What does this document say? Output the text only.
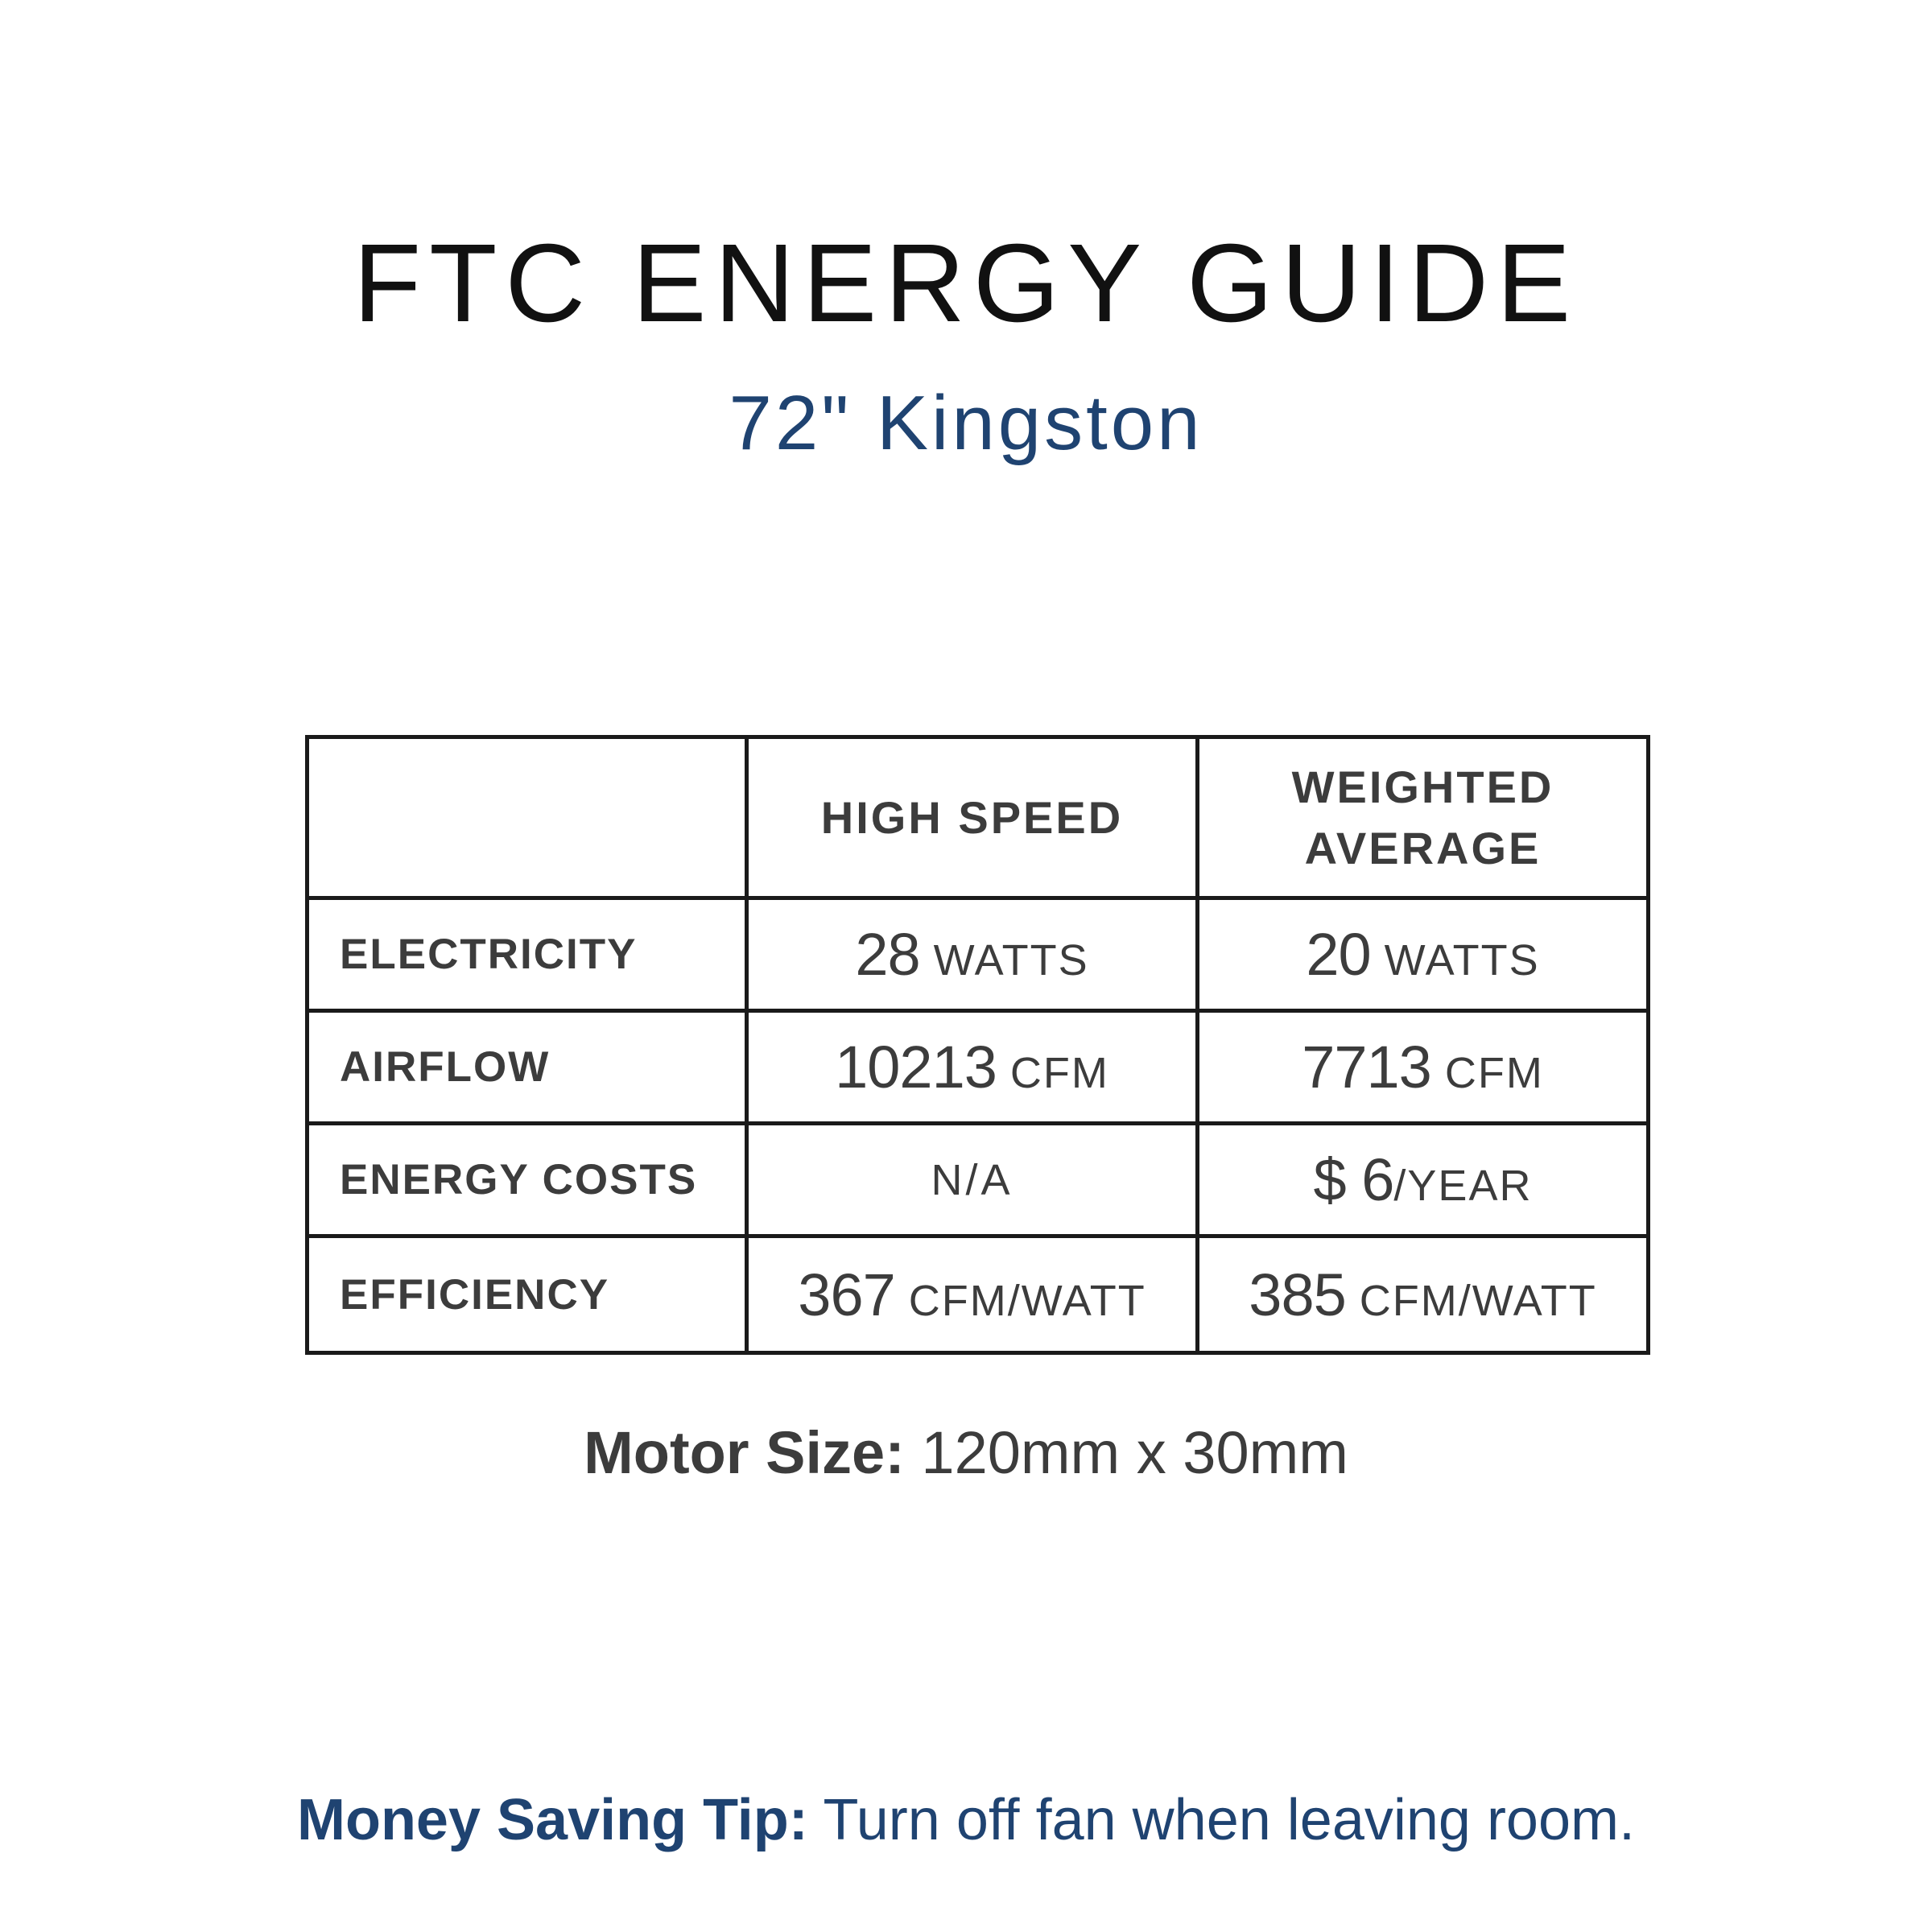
FTC ENERGY GUIDE
72" Kingston
	HIGH SPEED	WEIGHTED
AVERAGE
ELECTRICITY	28 WATTS	20 WATTS
AIRFLOW	10213 CFM	7713 CFM
ENERGY COSTS	N/A	$ 6/YEAR
EFFICIENCY	367 CFM/WATT	385 CFM/WATT
Motor Size: 120mm x 30mm
Money Saving Tip: Turn off fan when leaving room.
